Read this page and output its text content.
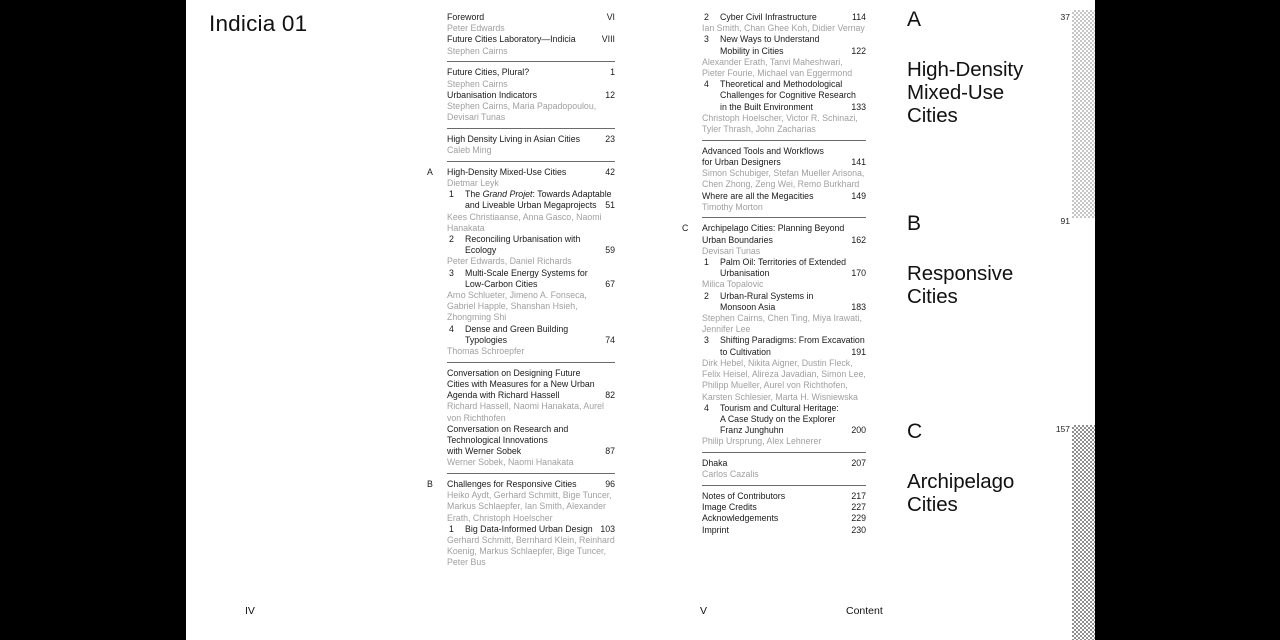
Indicia 01	Foreword	VI
Peter Edwards
Future Cities Laboratory—Indicia	VIII
Stephen Cairns
Future Cities, Plural?	1
Stephen Cairns
Urbanisation Indicators	12
Stephen Cairns, Maria Papadopoulou, Devisari Tunas
High Density Living in Asian Cities	23
Caleb Ming
A	High-Density Mixed-Use Cities	42
Dietmar Leyk
1 The Grand Projet: Towards Adaptable
and Liveable Urban Megaprojects 51
Kees Christiaanse, Anna Gasco, Naomi Hanakata
2 Reconciling Urbanisation with
Ecology	59
Peter Edwards, Daniel Richards
3 Multi-Scale Energy Systems for
Low-Carbon Cities	67
Arno Schlueter, Jimeno A. Fonseca, Gabriel Happle, Shanshan Hsieh, Zhongming Shi
4 Dense and Green Building
Typologies	74
Thomas Schroepfer
Conversation on Designing Future
Cities with Measures for a New Urban
Agenda with Richard Hassell	82
Richard Hassell, Naomi Hanakata, Aurel von Richthofen
Conversation on Research and
Technological Innovations
with Werner Sobek	87
Werner Sobek, Naomi Hanakata
B	Challenges for Responsive Cities	96
Heiko Aydt, Gerhard Schmitt, Bige Tuncer, Markus Schlaepfer, Ian Smith, Alexander Erath, Christoph Hoelscher
1 Big Data-Informed Urban Design 103
Gerhard Schmitt, Bernhard Klein, Reinhard Koenig, Markus Schlaepfer, Bige Tuncer, Peter Bus
2 Cyber Civil Infrastructure	114
Ian Smith, Chan Ghee Koh, Didier Vernay
3 New Ways to Understand
Mobility in Cities	122
Alexander Erath, Tanvi Maheshwari, Pieter Fourie, Michael van Eggermond
4 Theoretical and Methodological
Challenges for Cognitive Research
in the Built Environment	133
Christoph Hoelscher, Victor R. Schinazi, Tyler Thrash, John Zacharias
Advanced Tools and Workflows
for Urban Designers	141
Simon Schubiger, Stefan Mueller Arisona, Chen Zhong, Zeng Wei, Remo Burkhard
Where are all the Megacities	149
Timothy Morton
C	Archipelago Cities: Planning Beyond
Urban Boundaries	162
Devisari Tunas
1 Palm Oil: Territories of Extended
Urbanisation	170
Milica Topalovic
2 Urban-Rural Systems in
Monsoon Asia	183
Stephen Cairns, Chen Ting, Miya Irawati, Jennifer Lee
3 Shifting Paradigms: From Excavation
to Cultivation	191
Dirk Hebel, Nikita Aigner, Dustin Fleck, Felix Heisel, Alireza Javadian, Simon Lee, Philipp Mueller, Aurel von Richthofen, Karsten Schlesier, Marta H. Wisniewska
4 Tourism and Cultural Heritage:
A Case Study on the Explorer
Franz Junghuhn	200
Philip Ursprung, Alex Lehnerer
Dhaka	207
Carlos Cazalis
Notes of Contributors	217
Image Credits	227
Acknowledgements	229
Imprint	230
A	37
High-Density
Mixed-Use
Cities
B	91
Responsive
Cities
C	157
Archipelago
Cities
IV	V	Content
